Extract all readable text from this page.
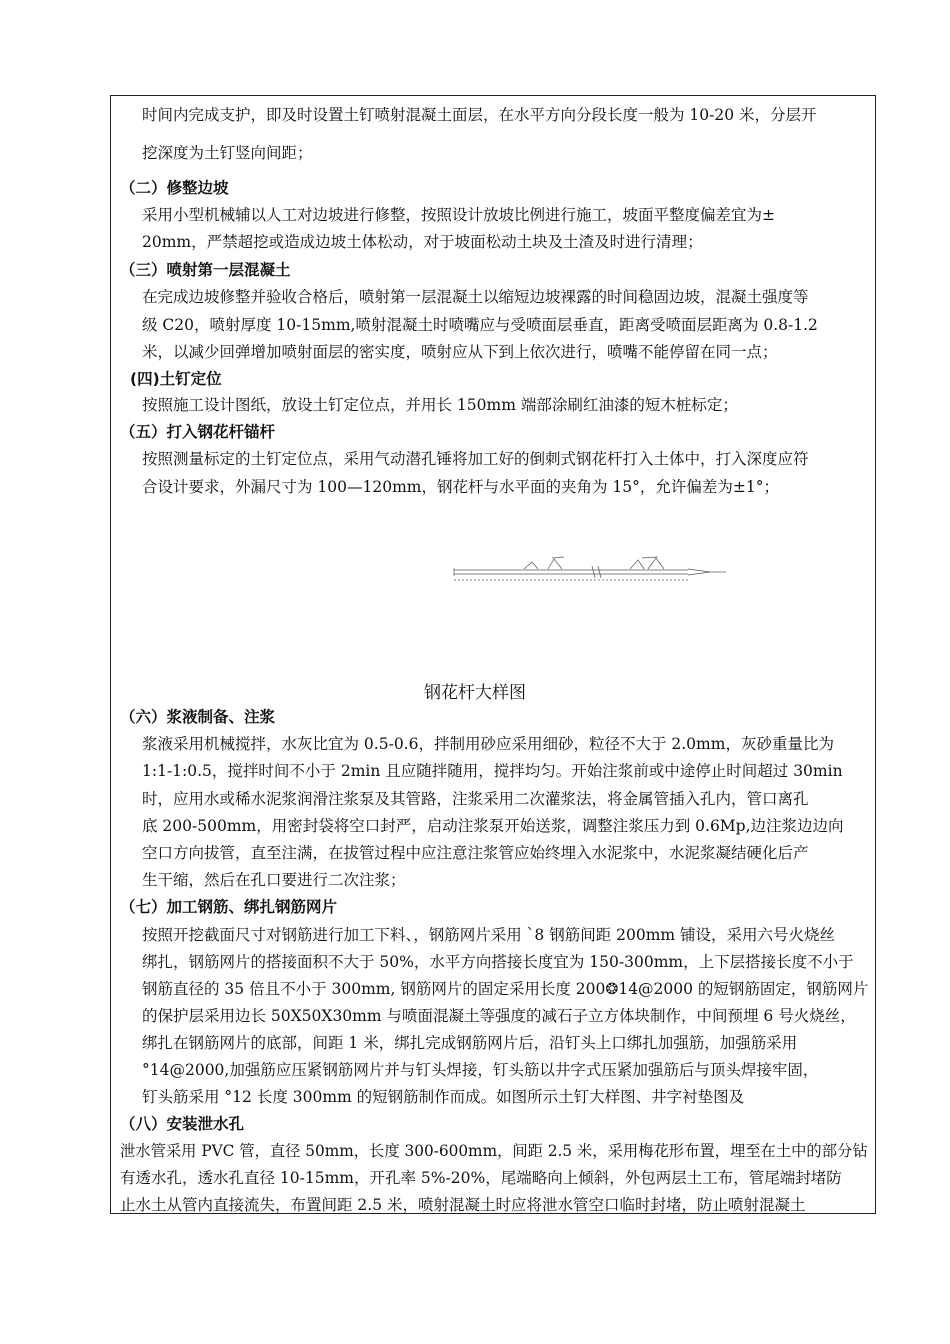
时间内完成支护，即及时设置土钉喷射混凝土面层，在水平方向分段长度一般为 10-20 米，分层开
挖深度为土钉竖向间距；
（二）修整边坡
采用小型机械辅以人工对边坡进行修整，按照设计放坡比例进行施工，坡面平整度偏差宜为±
20mm，严禁超挖或造成边坡土体松动，对于坡面松动土块及土渣及时进行清理；
（三）喷射第一层混凝土
在完成边坡修整并验收合格后，喷射第一层混凝土以缩短边坡裸露的时间稳固边坡，混凝土强度等
级 C20，喷射厚度 10-15mm,喷射混凝土时喷嘴应与受喷面层垂直，距离受喷面层距离为 0.8-1.2
米，以减少回弹增加喷射面层的密实度，喷射应从下到上依次进行，喷嘴不能停留在同一点；
(四)土钉定位
按照施工设计图纸，放设土钉定位点，并用长 150mm 端部涂刷红油漆的短木桩标定；
（五）打入钢花杆锚杆
按照测量标定的土钉定位点，采用气动潜孔锤将加工好的倒刺式钢花杆打入土体中，打入深度应符
合设计要求，外漏尺寸为 100—120mm，钢花杆与水平面的夹角为 15°，允许偏差为±1°；
钢花杆大样图
（六）浆液制备、注浆
浆液采用机械搅拌，水灰比宜为 0.5-0.6，拌制用砂应采用细砂，粒径不大于 2.0mm，灰砂重量比为
1:1-1:0.5，搅拌时间不小于 2min 且应随拌随用，搅拌均匀。开始注浆前或中途停止时间超过 30min
时，应用水或稀水泥浆润滑注浆泵及其管路，注浆采用二次灌浆法，将金属管插入孔内，管口离孔
底 200-500mm，用密封袋将空口封严，启动注浆泵开始送浆，调整注浆压力到 0.6Mp,边注浆边边向
空口方向拔管，直至注满，在拔管过程中应注意注浆管应始终埋入水泥浆中，水泥浆凝结硬化后产
生干缩，然后在孔口要进行二次注浆；
（七）加工钢筋、绑扎钢筋网片
按照开挖截面尺寸对钢筋进行加工下料、，钢筋网片采用 ˋ8 钢筋间距 200mm 铺设，采用六号火烧丝
绑扎，钢筋网片的搭接面积不大于 50%，水平方向搭接长度宜为 150-300mm，上下层搭接长度不小于
钢筋直径的 35 倍且不小于 300mm, 钢筋网片的固定采用长度 200❂14@2000 的短钢筋固定，钢筋网片
的保护层采用边长 50X50X30mm 与喷面混凝土等强度的减石子立方体块制作，中间预埋 6 号火烧丝，
绑扎在钢筋网片的底部，间距 1 米，绑扎完成钢筋网片后，沿钉头上口绑扎加强筋，加强筋采用
°14@2000,加强筋应压紧钢筋网片并与钉头焊接，钉头筋以井字式压紧加强筋后与顶头焊接牢固，
钉头筋采用 °12 长度 300mm 的短钢筋制作而成。如图所示土钉大样图、井字衬垫图及
（八）安装泄水孔
泄水管采用 PVC 管，直径 50mm，长度 300-600mm，间距 2.5 米，采用梅花形布置，埋至在土中的部分钻
有透水孔，透水孔直径 10-15mm，开孔率 5%-20%，尾端略向上倾斜，外包两层土工布，管尾端封堵防
止水土从管内直接流失，布置间距 2.5 米，喷射混凝土时应将泄水管空口临时封堵，防止喷射混凝土
